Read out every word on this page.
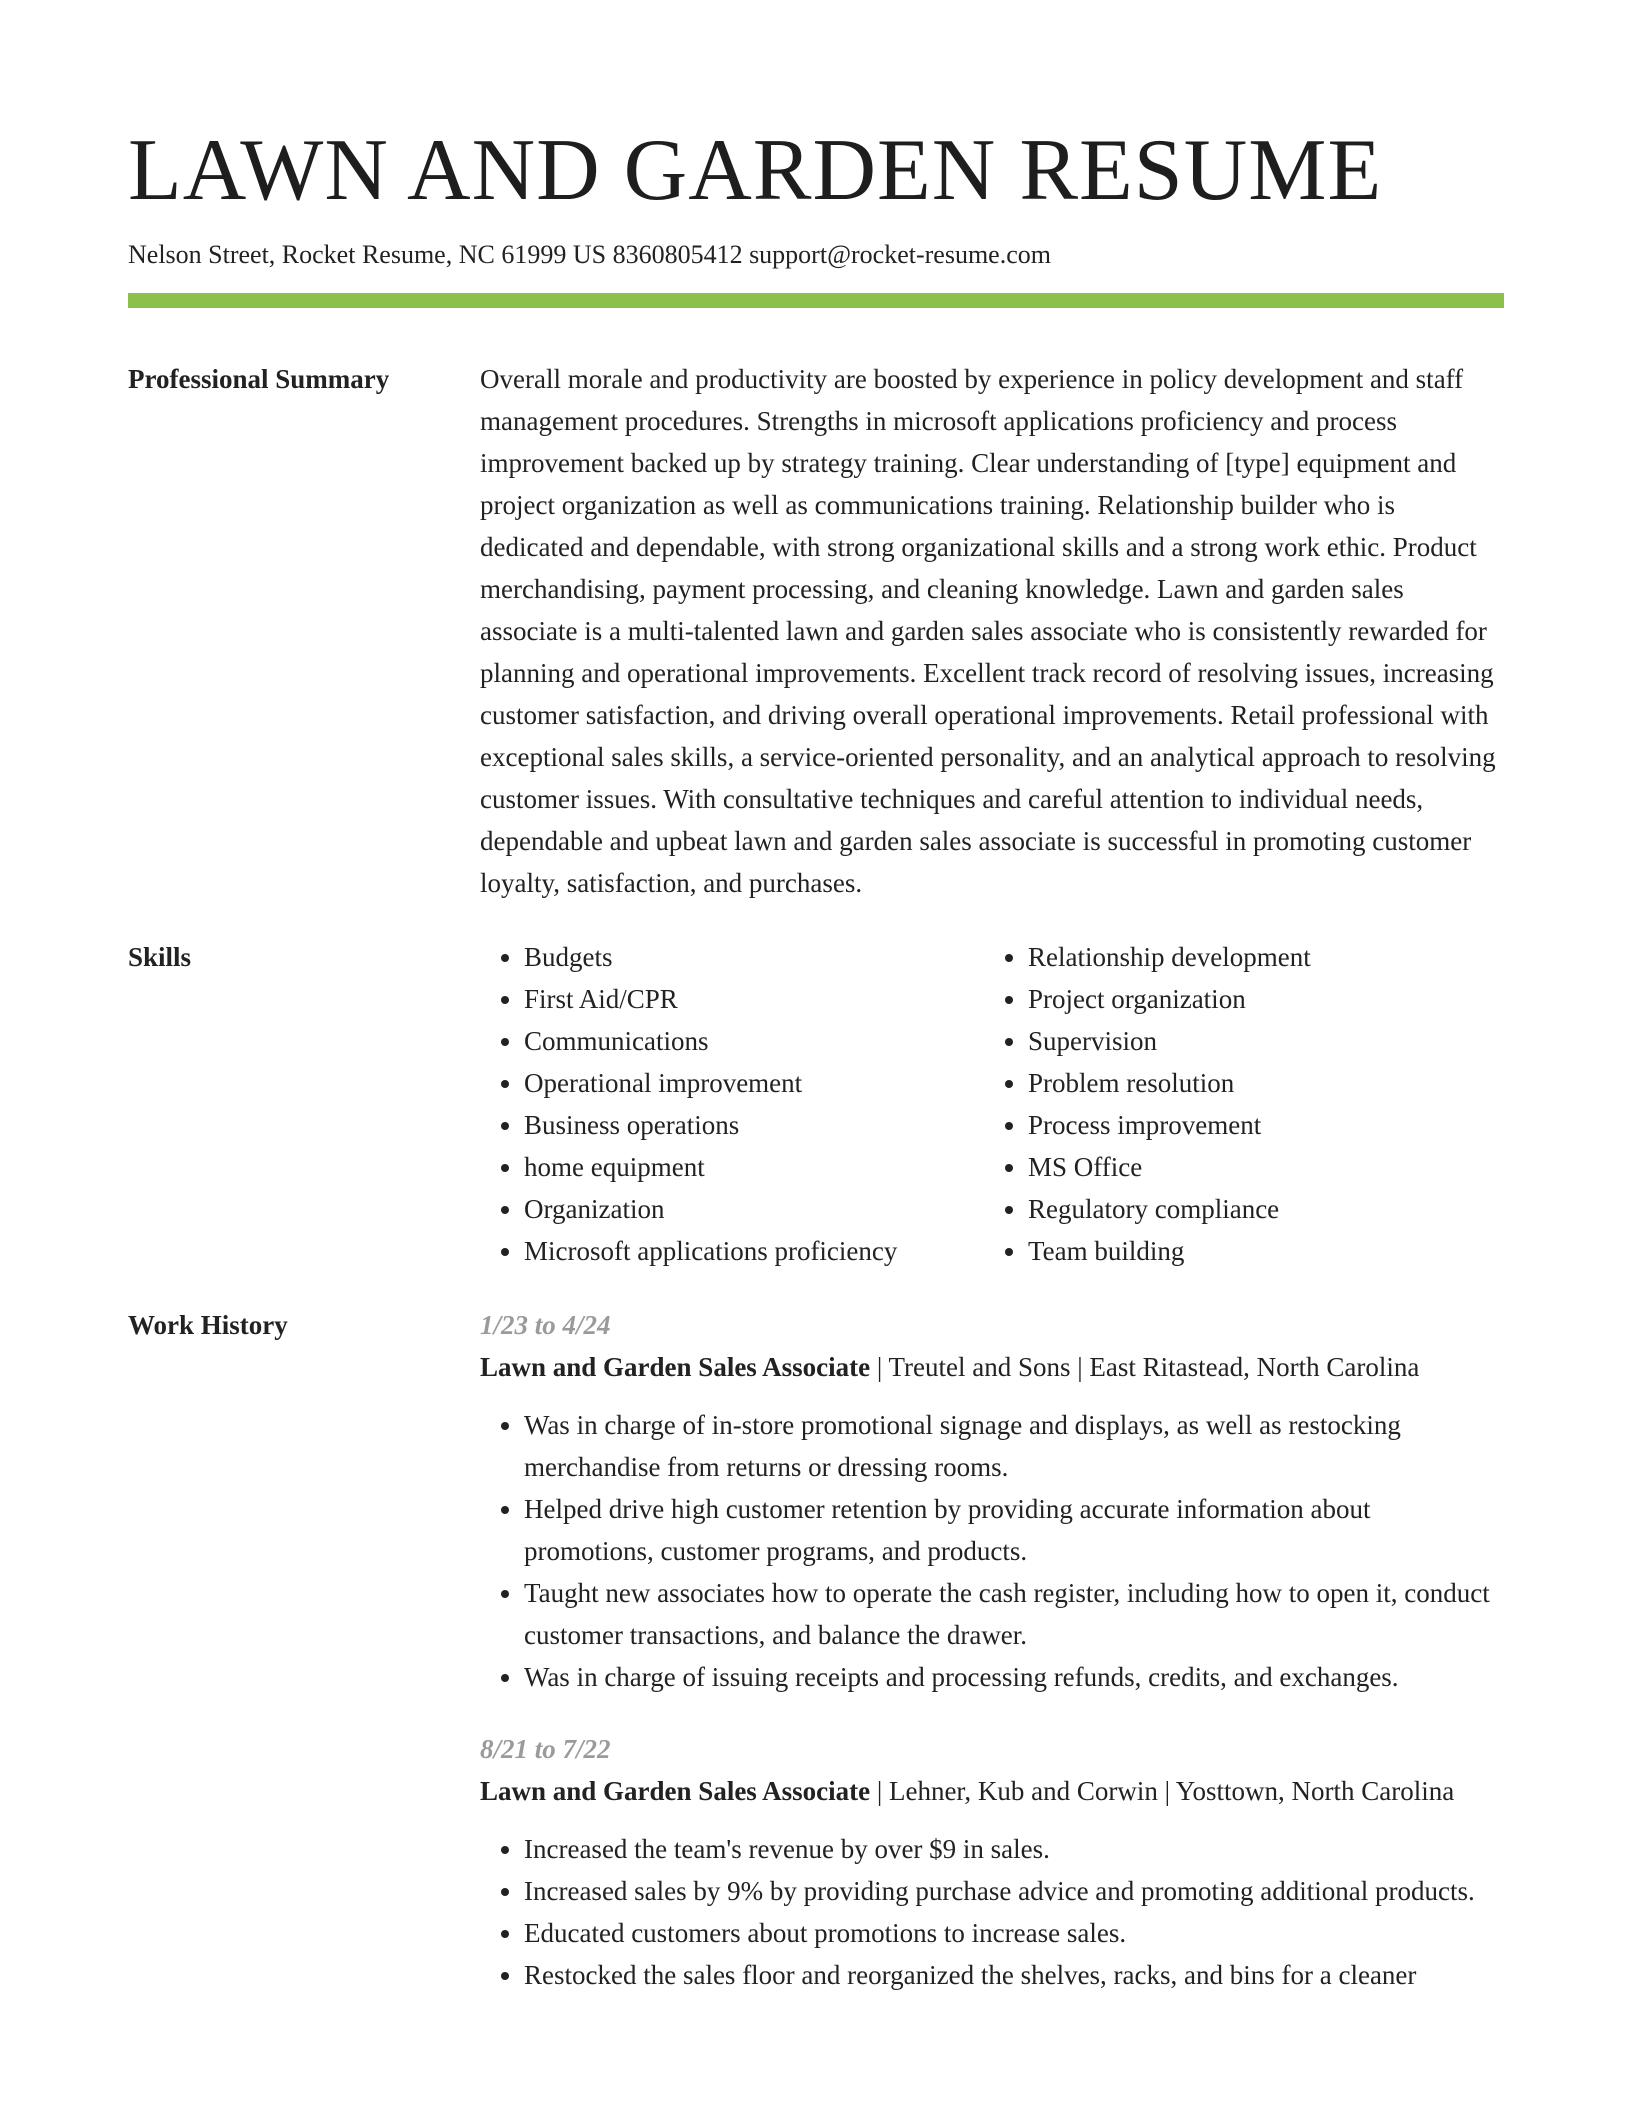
LAWN AND GARDEN RESUME
Nelson Street, Rocket Resume, NC 61999 US 8360805412 support@rocket-resume.com
Professional Summary	Overall morale and productivity are boosted by experience in policy development and staff management procedures. Strengths in microsoft applications proficiency and process improvement backed up by strategy training. Clear understanding of [type] equipment and project organization as well as communications training. Relationship builder who is dedicated and dependable, with strong organizational skills and a strong work ethic. Product merchandising, payment processing, and cleaning knowledge. Lawn and garden sales associate is a multi-talented lawn and garden sales associate who is consistently rewarded for planning and operational improvements. Excellent track record of resolving issues, increasing customer satisfaction, and driving overall operational improvements. Retail professional with exceptional sales skills, a service-oriented personality, and an analytical approach to resolving customer issues. With consultative techniques and careful attention to individual needs, dependable and upbeat lawn and garden sales associate is successful in promoting customer loyalty, satisfaction, and purchases.

Skills
•	Budgets
• First Aid/CPR
• Communications
• Operational improvement
• Business operations
• home equipment
• Organization
• Microsoft applications proficiency
• Relationship development
• Project organization
• Supervision
• Problem resolution
• Process improvement
• MS Office
• Regulatory compliance
• Team building
Work History	1/23 to 4/24
Lawn and Garden Sales Associate | Treutel and Sons | East Ritastead, North Carolina
• Was in charge of in-store promotional signage and displays, as well as restocking merchandise from returns or dressing rooms.
• Helped drive high customer retention by providing accurate information about promotions, customer programs, and products.
• Taught new associates how to operate the cash register, including how to open it, conduct customer transactions, and balance the drawer.
• Was in charge of issuing receipts and processing refunds, credits, and exchanges.
8/21 to 7/22
Lawn and Garden Sales Associate | Lehner, Kub and Corwin | Yosttown, North Carolina
• Increased the team's revenue by over $9 in sales.
• Increased sales by 9% by providing purchase advice and promoting additional products.
• Educated customers about promotions to increase sales.
• Restocked the sales floor and reorganized the shelves, racks, and bins for a cleaner
